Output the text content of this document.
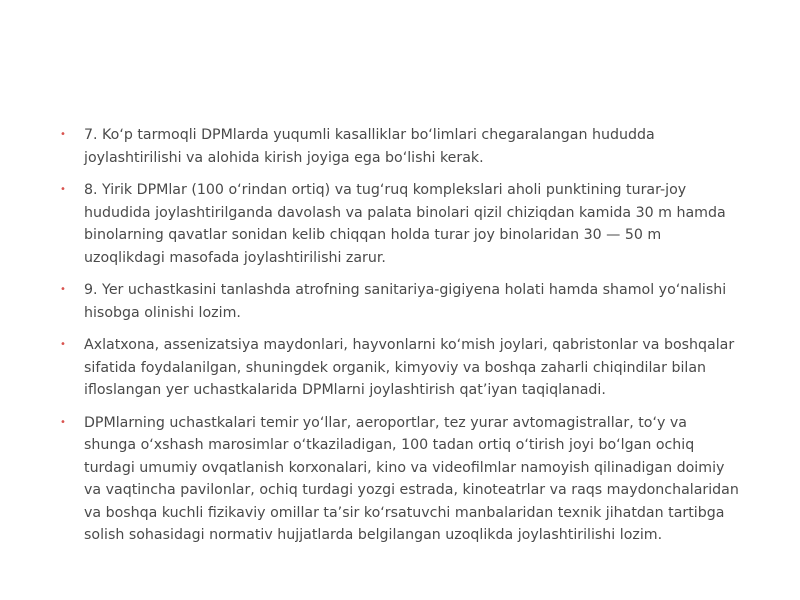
• 7. Ko‘p tarmoqli DPMlarda yuqumli kasalliklar bo‘limlari chegaralangan hududda joylashtirilishi va alohida kirish joyiga ega bo‘lishi kerak.
• 8. Yirik DPMlar (100 o‘rindan ortiq) va tug‘ruq komplekslari aholi punktining turar-joy hududida joylashtirilganda davolash va palata binolari qizil chiziqdan kamida 30 m hamda binolarning qavatlar sonidan kelib chiqqan holda turar joy binolaridan 30 — 50 m uzoqlikdagi masofada joylashtirilishi zarur.
• 9. Yer uchastkasini tanlashda atrofning sanitariya-gigiyena holati hamda shamol yo‘nalishi hisobga olinishi lozim.
• Axlatxona, assenizatsiya maydonlari, hayvonlarni ko‘mish joylari, qabristonlar va boshqalar sifatida foydalanilgan, shuningdek organik, kimyoviy va boshqa zaharli chiqindilar bilan ifloslangan yer uchastkalarida DPMlarni joylashtirish qat’iyan taqiqlanadi.
• DPMlarning uchastkalari temir yo‘llar, aeroportlar, tez yurar avtomagistrallar, to‘y va shunga o‘xshash marosimlar o‘tkaziladigan, 100 tadan ortiq o‘tirish joyi bo‘lgan ochiq turdagi umumiy ovqatlanish korxonalari, kino va videofilmlar namoyish qilinadigan doimiy va vaqtincha pavilonlar, ochiq turdagi yozgi estrada, kinoteatrlar va raqs maydonchalaridan va boshqa kuchli fizikaviy omillar ta’sir ko‘rsatuvchi manbalaridan texnik jihatdan tartibga solish sohasidagi normativ hujjatlarda belgilangan uzoqlikda joylashtirilishi lozim.
